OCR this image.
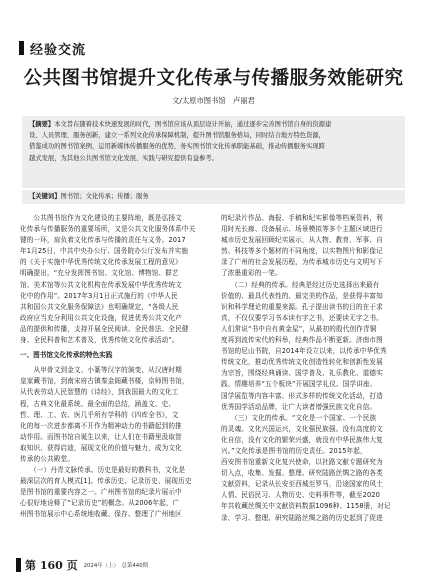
经验交流
公共图书馆提升文化传承与传播服务效能研究
文/太原市图书馆　卢丽君
【摘要】本文旨在随着技术快速发展的时代，图书馆应该从顶层设计开始，通过逐步完善图书馆自身的资源建
设、人员管理、服务创新，建立一系列文化传承保障机制，提升图书馆服务格局，同时结合地方特色资源，
借鉴成功的图书馆案例，运用新媒体传播服务的优势，务实图书馆文化传承职能基础，推动传播服务实现跨
越式发展，为其他公共图书馆文化发展、实践与研究提供有益参考。
【关键词】图书馆；文化传承；传播；服务
　　公共图书馆作为文化建设的主要阵地，既是弘扬文
化传承与传播服务的重要场所，又是公共文化服务体系中关
键的一环，肩负着文化传承与传播的责任与义务。2017
年1月25日，中共中央办公厅、国务院办公厅发布并实施
的《关于实施中华优秀传统文化传承发展工程的意见》
明确提出，“充分发挥图书馆、文化馆、博物馆、群艺
馆、美术馆等公共文化机构在传承发展中华优秀传统文
化中的作用”。2017年3月1日正式施行的《中华人民
共和国公共文化服务保障法》也明确规定，“各级人民
政府应当充分利用公共文化设施，促进优秀公共文化产
品的提供和传播，支持开展全民阅读、全民普法、全民健
身、全民科普和艺术普及，优秀传统文化传承活动”。
一、图书馆文化传承的特色实践
　　从甲骨文到金文、小篆等汉字的演变，从汉唐时期
皇家藏书馆，到南宋府古镇秦金阁藏书楼，京师图书馆，
从代表劳动人民智慧的《诗经》，到我国最大的文化工
程，古典文化最系统、最全面的总结，涵盖文、史、
哲、理、工、农、医几乎所有学科的《四库全书》，文
化的每一次进步都离不开作为精神动力的书籍起到的推
动作用。而图书馆自诞生以来，让人们在书籍里汲取智
取知识、获得启迪，展现文化的价值与魅力，成为文化
传承的公共殿堂。
　　（一）丹青文脉传承。历史是最好的教科书，文化是
最深层次的育人模式[1]。传承历史、记录历史、展现历史
是图书馆的重要内容之一。广州图书馆的纪录片展示中
心很好地诠释了“记录历史”的概念。从2006年起，广
州图书馆展示中心系统地收藏、保存、整理了广州地区
的纪录片作品、海报、手稿和纪实影像等档案资料，利
用时光长廊、设备展示、场景模拟等多个主题区域进行
城市历史发展回顾纪实展示，从人物、教育、军事、自
然、科技等多个题材的不同角度，以实物图片和影像记
录了广州的社会发展历程，为传承城市历史与文明写下
了浓墨重彩的一笔。
　　（二）经典的传承。经典是经过历史选择出来最有
价值的、最具代表性的、最完美的作品，是获得丰富知
识和科学理论的重要来源。孔子提出读书的目的在于求
真，不仅仅要学习书本读有字之书，还要读无字之书。
人们常说“书中自有黄金屋”，从最初的殷代创作青铜
度再到流传宋代的科举，经典作品不断更新。济南市图
书馆的尼山书院，自2014年设立以来，以传承中华优秀
传统文化，推动优秀传统文化创造性转化和创新性发展
为宗旨，围绕经典诵读、国学普及、礼乐教化、道德实
践、情趣培养“五个板块”开展国学礼仪、国学讲座、
国学展览等内容丰富、形式多样的传统文化活动，打造
优秀国学活动品牌，让广大读者增强民族文化自信。
　　（三）文化的传承。“文化是一个国家、一个民族
的灵魂。文化兴国运兴，文化强民族强。没有高度的文
化自信，没有文化的繁荣兴盛，就没有中华民族伟大复
兴。”文化传承是图书馆的历史责任。2015年起，
西安图书馆重新文化复兴使命，以社路文献专题研究为
切入点，收集、发掘、整理、研究陆路丝绸之路的各类
文献资料，记录从长安至西城至罗马，沿途国家的风土
人情、民俗民习、人物历史、史料事件等，截至2020
年共收藏丝绸关中文献资料数据1096种、1158册，对记
录、学习、整理、研究陆路丝绸之路的历史起到了促进
第 160 页 2024年（上）　总第440期
